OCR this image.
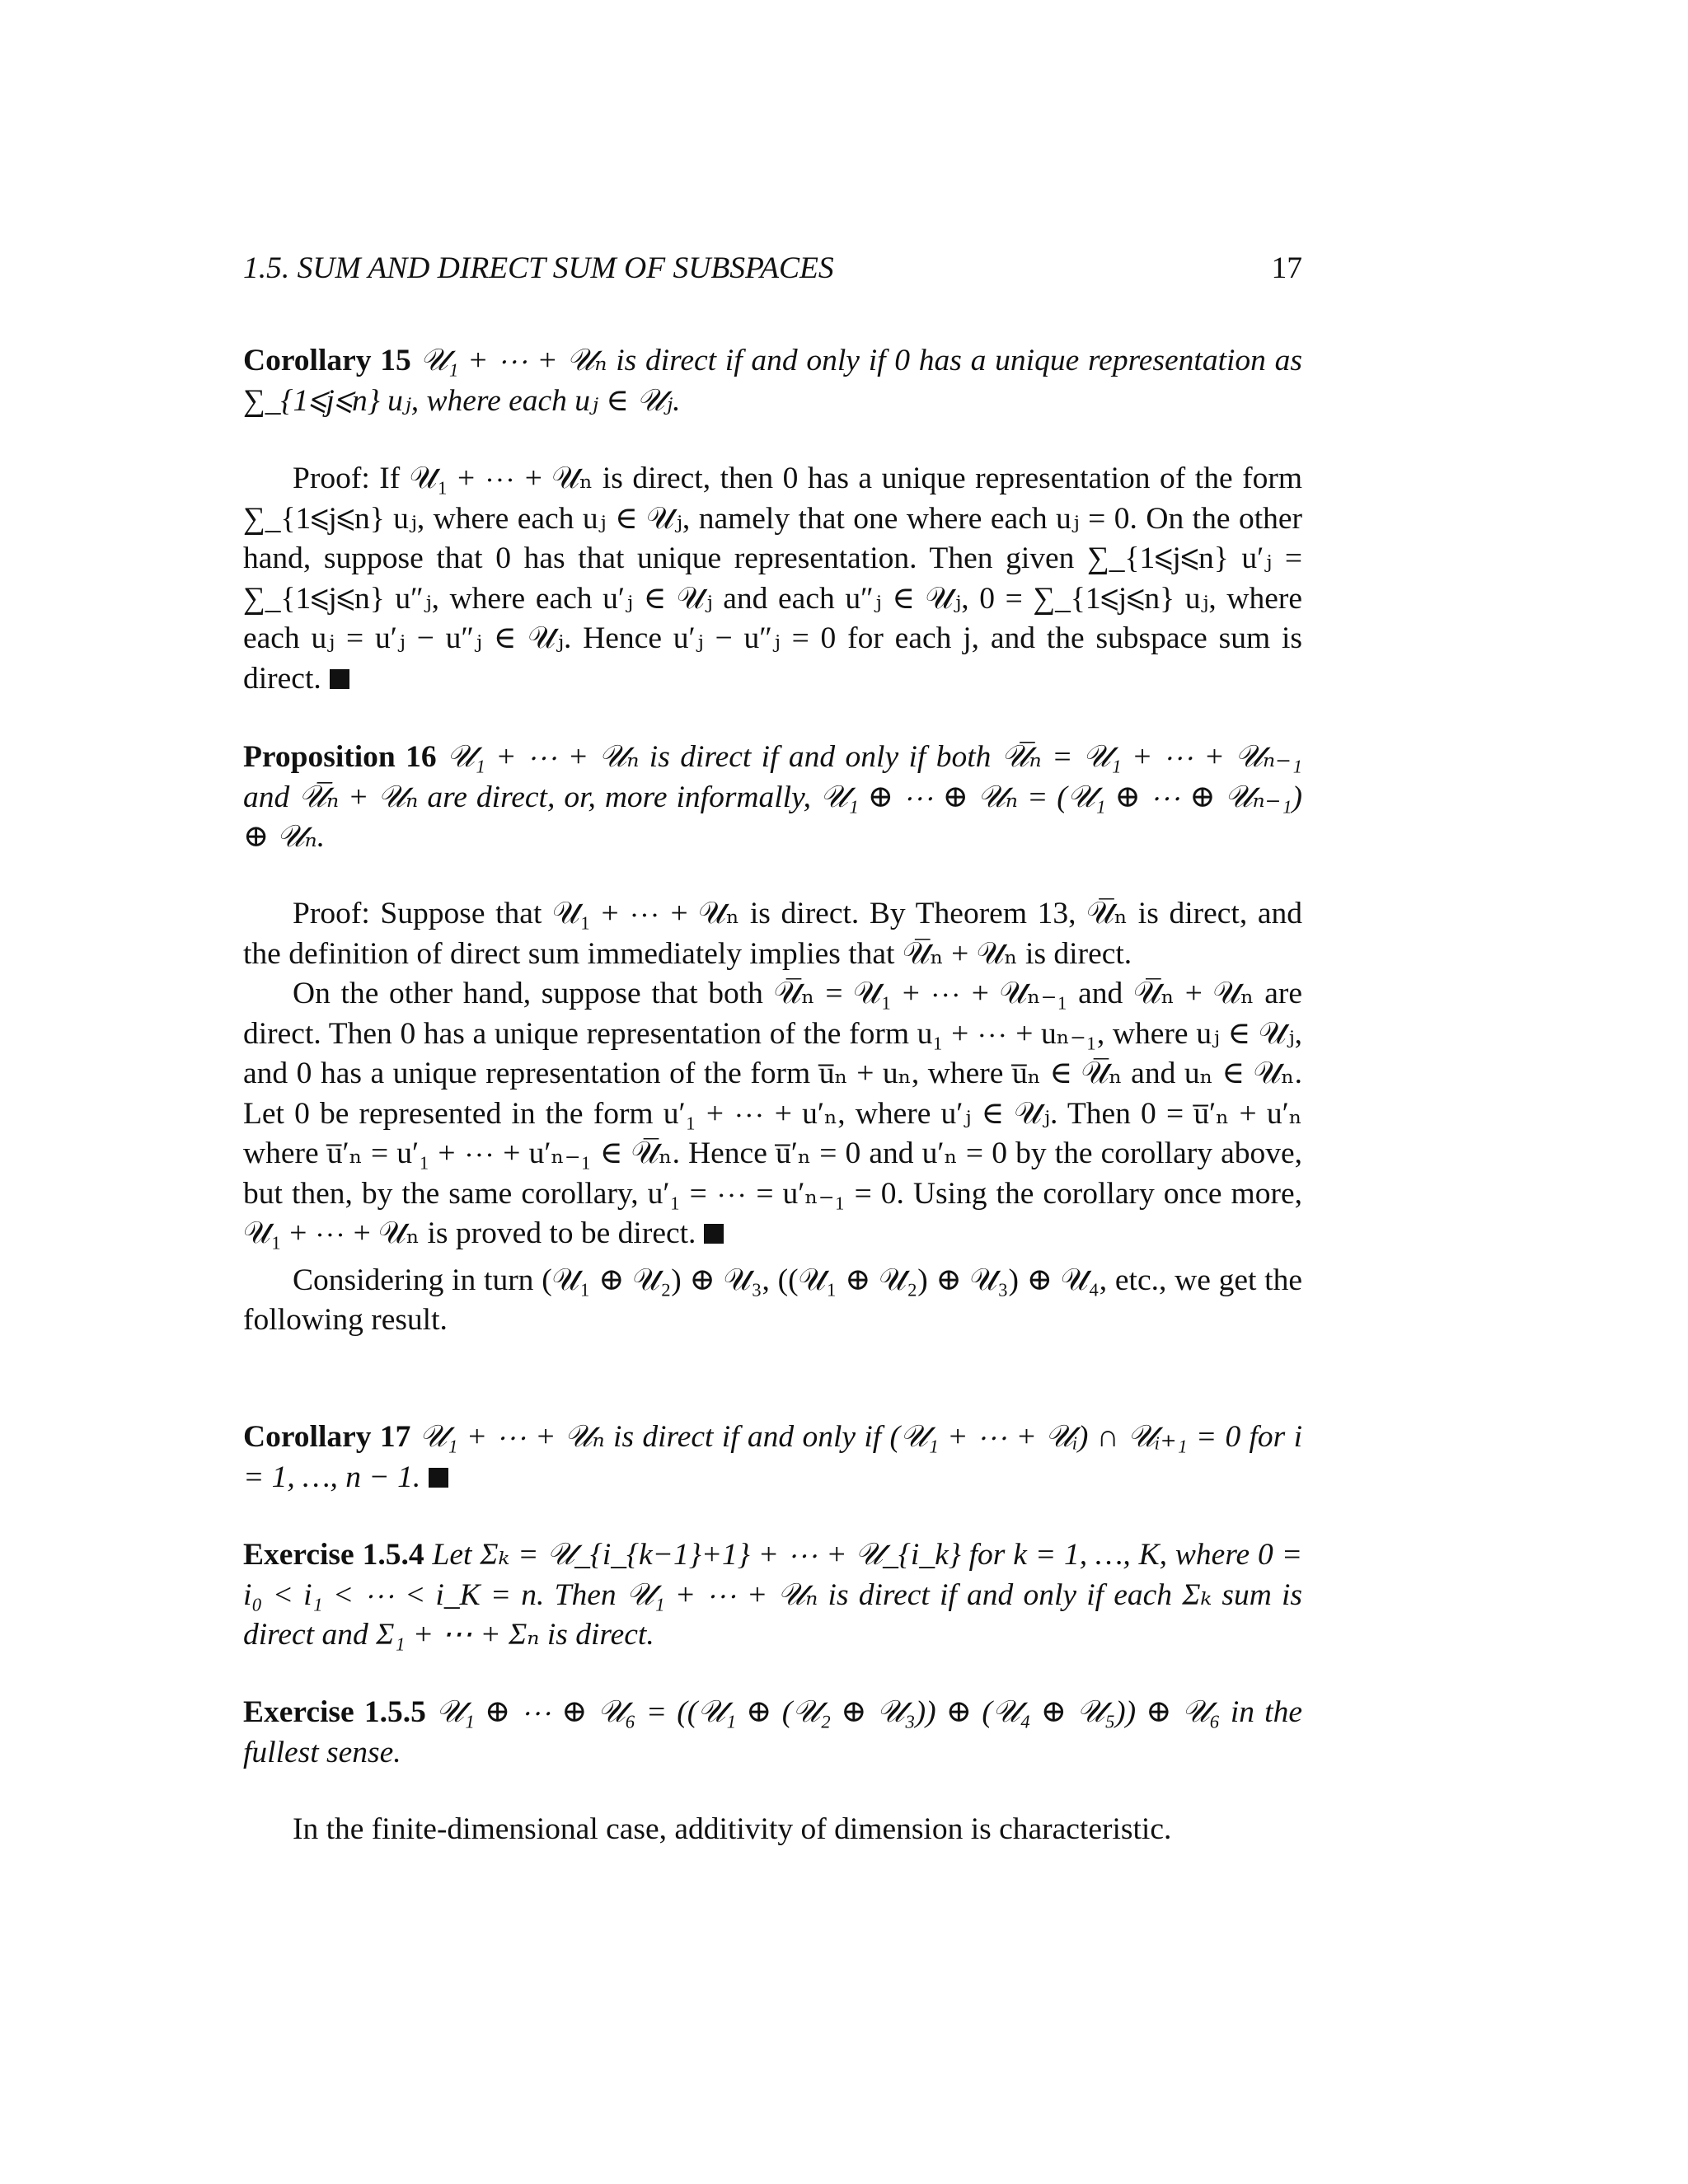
1.5. SUM AND DIRECT SUM OF SUBSPACES	17
Corollary 15 𝒰₁ + ⋯ + 𝒰ₙ is direct if and only if 0 has a unique representation as ∑_{1⩽j⩽n} uⱼ, where each uⱼ ∈ 𝒰ⱼ.
Proof: If 𝒰₁ + ⋯ + 𝒰ₙ is direct, then 0 has a unique representation of the form ∑_{1⩽j⩽n} uⱼ, where each uⱼ ∈ 𝒰ⱼ, namely that one where each uⱼ = 0. On the other hand, suppose that 0 has that unique representation. Then given ∑_{1⩽j⩽n} u′ⱼ = ∑_{1⩽j⩽n} u″ⱼ, where each u′ⱼ ∈ 𝒰ⱼ and each u″ⱼ ∈ 𝒰ⱼ, 0 = ∑_{1⩽j⩽n} uⱼ, where each uⱼ = u′ⱼ − u″ⱼ ∈ 𝒰ⱼ. Hence u′ⱼ − u″ⱼ = 0 for each j, and the subspace sum is direct.
Proposition 16 𝒰₁ + ⋯ + 𝒰ₙ is direct if and only if both 𝒰̅ₙ = 𝒰₁ + ⋯ + 𝒰ₙ₋₁ and 𝒰̅ₙ + 𝒰ₙ are direct, or, more informally, 𝒰₁ ⊕ ⋯ ⊕ 𝒰ₙ = (𝒰₁ ⊕ ⋯ ⊕ 𝒰ₙ₋₁) ⊕ 𝒰ₙ.
Proof: Suppose that 𝒰₁ + ⋯ + 𝒰ₙ is direct. By Theorem 13, 𝒰̅ₙ is direct, and the definition of direct sum immediately implies that 𝒰̅ₙ + 𝒰ₙ is direct.
On the other hand, suppose that both 𝒰̅ₙ = 𝒰₁ + ⋯ + 𝒰ₙ₋₁ and 𝒰̅ₙ + 𝒰ₙ are direct. Then 0 has a unique representation of the form u₁ + ⋯ + uₙ₋₁, where uⱼ ∈ 𝒰ⱼ, and 0 has a unique representation of the form u̅ₙ + uₙ, where u̅ₙ ∈ 𝒰̅ₙ and uₙ ∈ 𝒰ₙ. Let 0 be represented in the form u′₁ + ⋯ + u′ₙ, where u′ⱼ ∈ 𝒰ⱼ. Then 0 = u̅′ₙ + u′ₙ where u̅′ₙ = u′₁ + ⋯ + u′ₙ₋₁ ∈ 𝒰̅ₙ. Hence u̅′ₙ = 0 and u′ₙ = 0 by the corollary above, but then, by the same corollary, u′₁ = ⋯ = u′ₙ₋₁ = 0. Using the corollary once more, 𝒰₁ + ⋯ + 𝒰ₙ is proved to be direct.
Considering in turn (𝒰₁ ⊕ 𝒰₂) ⊕ 𝒰₃, ((𝒰₁ ⊕ 𝒰₂) ⊕ 𝒰₃) ⊕ 𝒰₄, etc., we get the following result.
Corollary 17 𝒰₁ + ⋯ + 𝒰ₙ is direct if and only if (𝒰₁ + ⋯ + 𝒰ᵢ) ∩ 𝒰ᵢ₊₁ = 0 for i = 1, …, n − 1.
Exercise 1.5.4 Let Σₖ = 𝒰_{i_{k−1}+1} + ⋯ + 𝒰_{i_k} for k = 1, …, K, where 0 = i₀ < i₁ < ⋯ < i_K = n. Then 𝒰₁ + ⋯ + 𝒰ₙ is direct if and only if each Σₖ sum is direct and Σ₁ + ⋯ + Σₙ is direct.
Exercise 1.5.5 𝒰₁ ⊕ ⋯ ⊕ 𝒰₆ = ((𝒰₁ ⊕ (𝒰₂ ⊕ 𝒰₃)) ⊕ (𝒰₄ ⊕ 𝒰₅)) ⊕ 𝒰₆ in the fullest sense.
In the finite-dimensional case, additivity of dimension is characteristic.
